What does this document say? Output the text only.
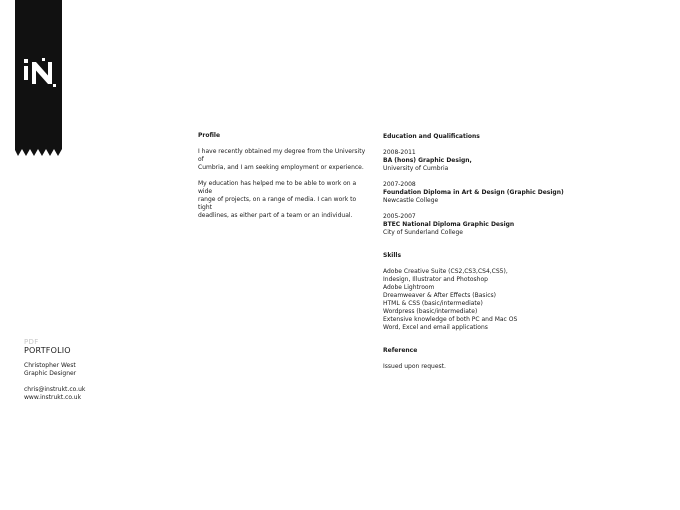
PDF
PORTFOLIO
Christopher West
Graphic Designer
chris@instrukt.co.uk
www.instrukt.co.uk
Profile

I have recently obtained my degree from the University of
Cumbria, and I am seeking employment or experience.

My education has helped me to be able to work on a wide
range of projects, on a range of media. I can work to tight
deadlines, as either part of a team or an individual.

Education and Qualifications
2008-2011
BA (hons) Graphic Design,
University of Cumbria
2007-2008
Foundation Diploma in Art & Design (Graphic Design)
Newcastle College
2005-2007
BTEC National Diploma Graphic Design
City of Sunderland College
Skills
Adobe Creative Suite (CS2,CS3,CS4,CS5),
Indesign, Illustrator and Photoshop
Adobe Lightroom
Dreamweaver & After Effects (Basics)
HTML & CSS (basic/intermediate)
Wordpress (basic/intermediate)
Extensive knowledge of both PC and Mac OS
Word, Excel and email applications
Reference
Issued upon request.
